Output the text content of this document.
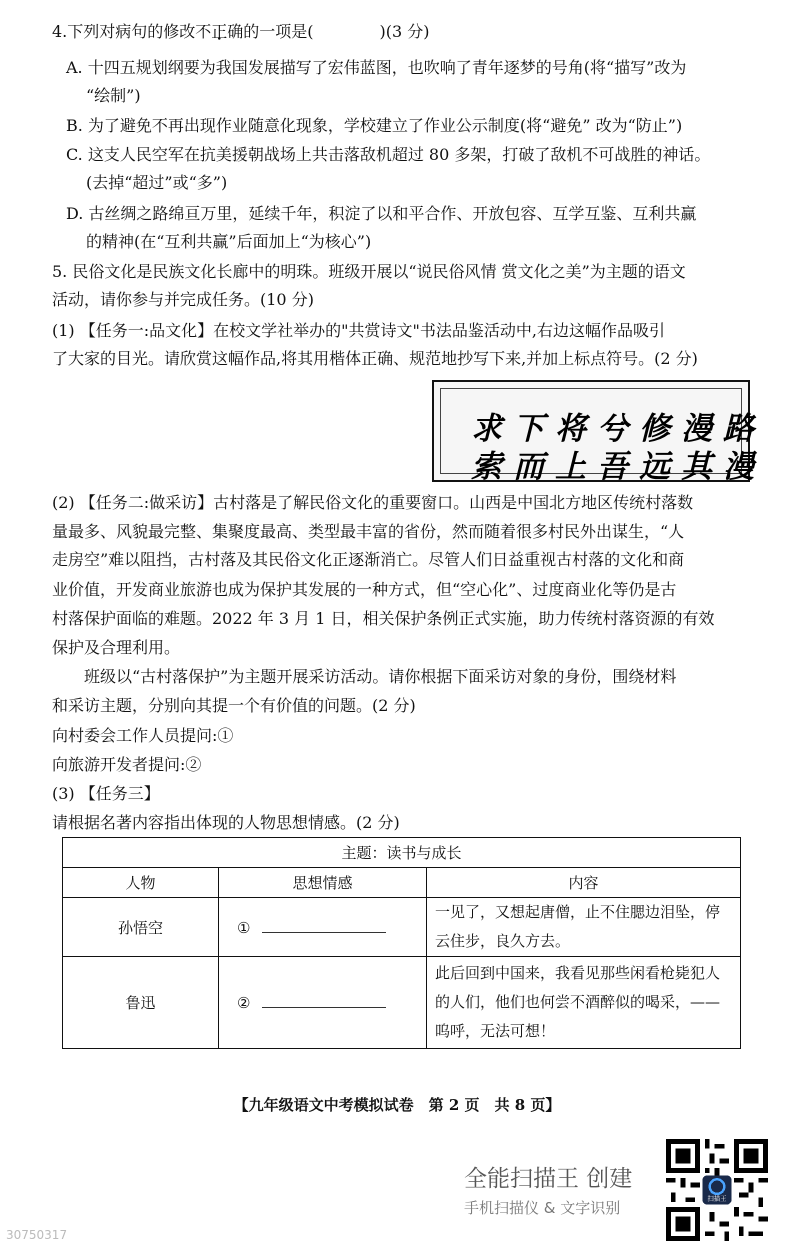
4.下列对病句的修改不正确的一项是(	)(3 分)
A. 十四五规划纲要为我国发展描写了宏伟蓝图，也吹响了青年逐梦的号角(将“描写”改为
“绘制”)
B. 为了避免不再出现作业随意化现象，学校建立了作业公示制度(将“避免” 改为“防止”)
C. 这支人民空军在抗美援朝战场上共击落敌机超过 80 多架，打破了敌机不可战胜的神话。
(去掉“超过”或“多”)
D. 古丝绸之路绵亘万里，延续千年，积淀了以和平合作、开放包容、互学互鉴、互利共赢
的精神(在“互利共赢”后面加上“为核心”)
5. 民俗文化是民族文化长廊中的明珠。班级开展以“说民俗风情 赏文化之美”为主题的语文
活动，请你参与并完成任务。(10 分)
(1) 【任务一:品文化】在校文学社举办的"共赏诗文"书法品鉴活动中,右边这幅作品吸引
了大家的目光。请欣赏这幅作品,将其用楷体正确、规范地抄写下来,并加上标点符号。(2 分)
求下将兮修漫路
索而上吾远其漫
(2) 【任务二:做采访】古村落是了解民俗文化的重要窗口。山西是中国北方地区传统村落数
量最多、风貌最完整、集聚度最高、类型最丰富的省份，然而随着很多村民外出谋生，“人
走房空”难以阻挡，古村落及其民俗文化正逐渐消亡。尽管人们日益重视古村落的文化和商
业价值，开发商业旅游也成为保护其发展的一种方式，但“空心化”、过度商业化等仍是古
村落保护面临的难题。2022 年 3 月 1 日，相关保护条例正式实施，助力传统村落资源的有效
保护及合理利用。
班级以“古村落保护”为主题开展采访活动。请你根据下面采访对象的身份，围绕材料
和采访主题，分别向其提一个有价值的问题。(2 分)
向村委会工作人员提问:①
向旅游开发者提问:②
(3) 【任务三】
请根据名著内容指出体现的人物思想情感。(2 分)
主题：读书与成长		
人物	思想情感	内容
孙悟空	①	一见了，又想起唐僧，止不住腮边泪坠，停云住步，良久方去。
鲁迅	②	此后回到中国来，我看见那些闲看枪毙犯人的人们，他们也何尝不酒醉似的喝采，——呜呼，无法可想！
【九年级语文中考模拟试卷　第 2 页　共 8 页】
全能扫描王 创建
手机扫描仪 & 文字识别	扫描王
30750317
